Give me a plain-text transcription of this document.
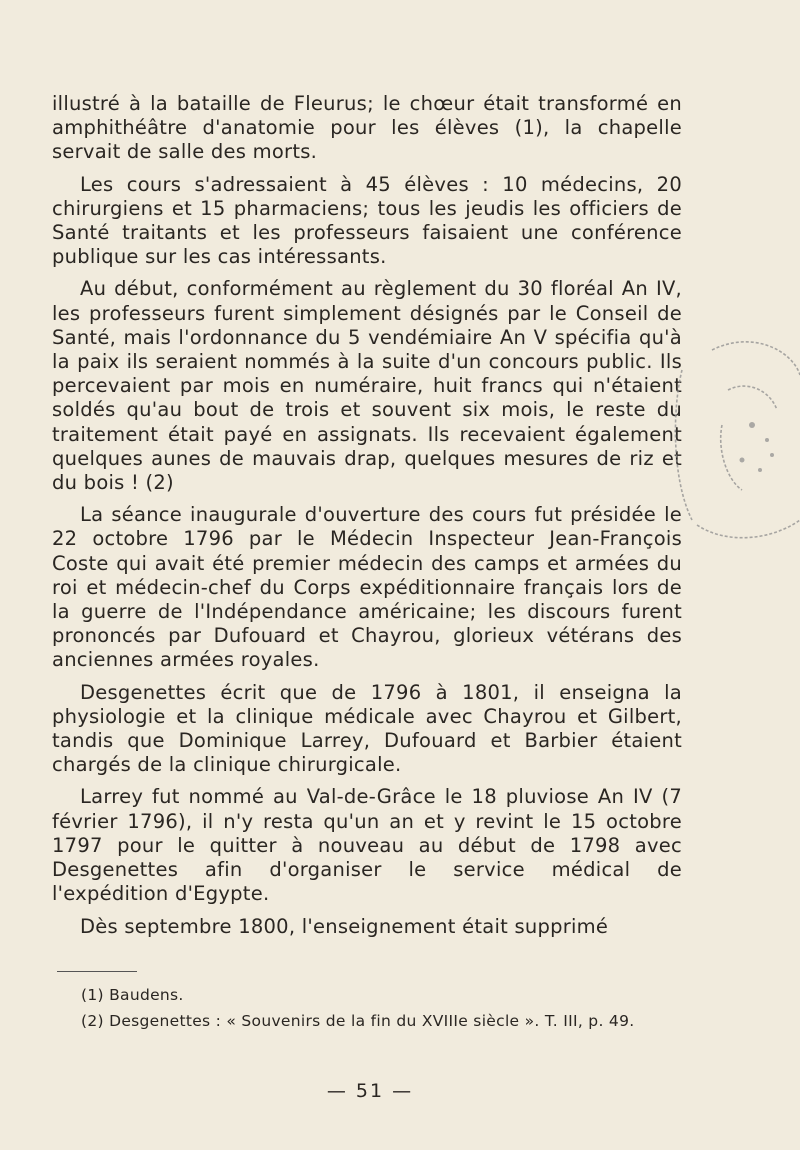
illustré à la bataille de Fleurus; le chœur était transformé en amphithéâtre d'anatomie pour les élèves (1), la chapelle servait de salle des morts.

Les cours s'adressaient à 45 élèves : 10 médecins, 20 chirurgiens et 15 pharmaciens; tous les jeudis les officiers de Santé traitants et les professeurs faisaient une conférence publique sur les cas intéressants.

Au début, conformément au règlement du 30 floréal An IV, les professeurs furent simplement désignés par le Conseil de Santé, mais l'ordonnance du 5 vendémiaire An V spécifia qu'à la paix ils seraient nommés à la suite d'un concours public. Ils percevaient par mois en numéraire, huit francs qui n'étaient soldés qu'au bout de trois et souvent six mois, le reste du traitement était payé en assignats. Ils recevaient également quelques aunes de mauvais drap, quelques mesures de riz et du bois ! (2)

La séance inaugurale d'ouverture des cours fut présidée le 22 octobre 1796 par le Médecin Inspecteur Jean-François Coste qui avait été premier médecin des camps et armées du roi et médecin-chef du Corps expéditionnaire français lors de la guerre de l'Indépendance américaine; les discours furent prononcés par Dufouard et Chayrou, glorieux vétérans des anciennes armées royales.

Desgenettes écrit que de 1796 à 1801, il enseigna la physiologie et la clinique médicale avec Chayrou et Gilbert, tandis que Dominique Larrey, Dufouard et Barbier étaient chargés de la clinique chirurgicale.

Larrey fut nommé au Val-de-Grâce le 18 pluviose An IV (7 février 1796), il n'y resta qu'un an et y revint le 15 octobre 1797 pour le quitter à nouveau au début de 1798 avec Desgenettes afin d'organiser le service médical de l'expédition d'Egypte.

Dès septembre 1800, l'enseignement était supprimé

(1) Baudens.

(2) Desgenettes : « Souvenirs de la fin du XVIIIe siècle ». T. III, p. 49.

— 51 —
